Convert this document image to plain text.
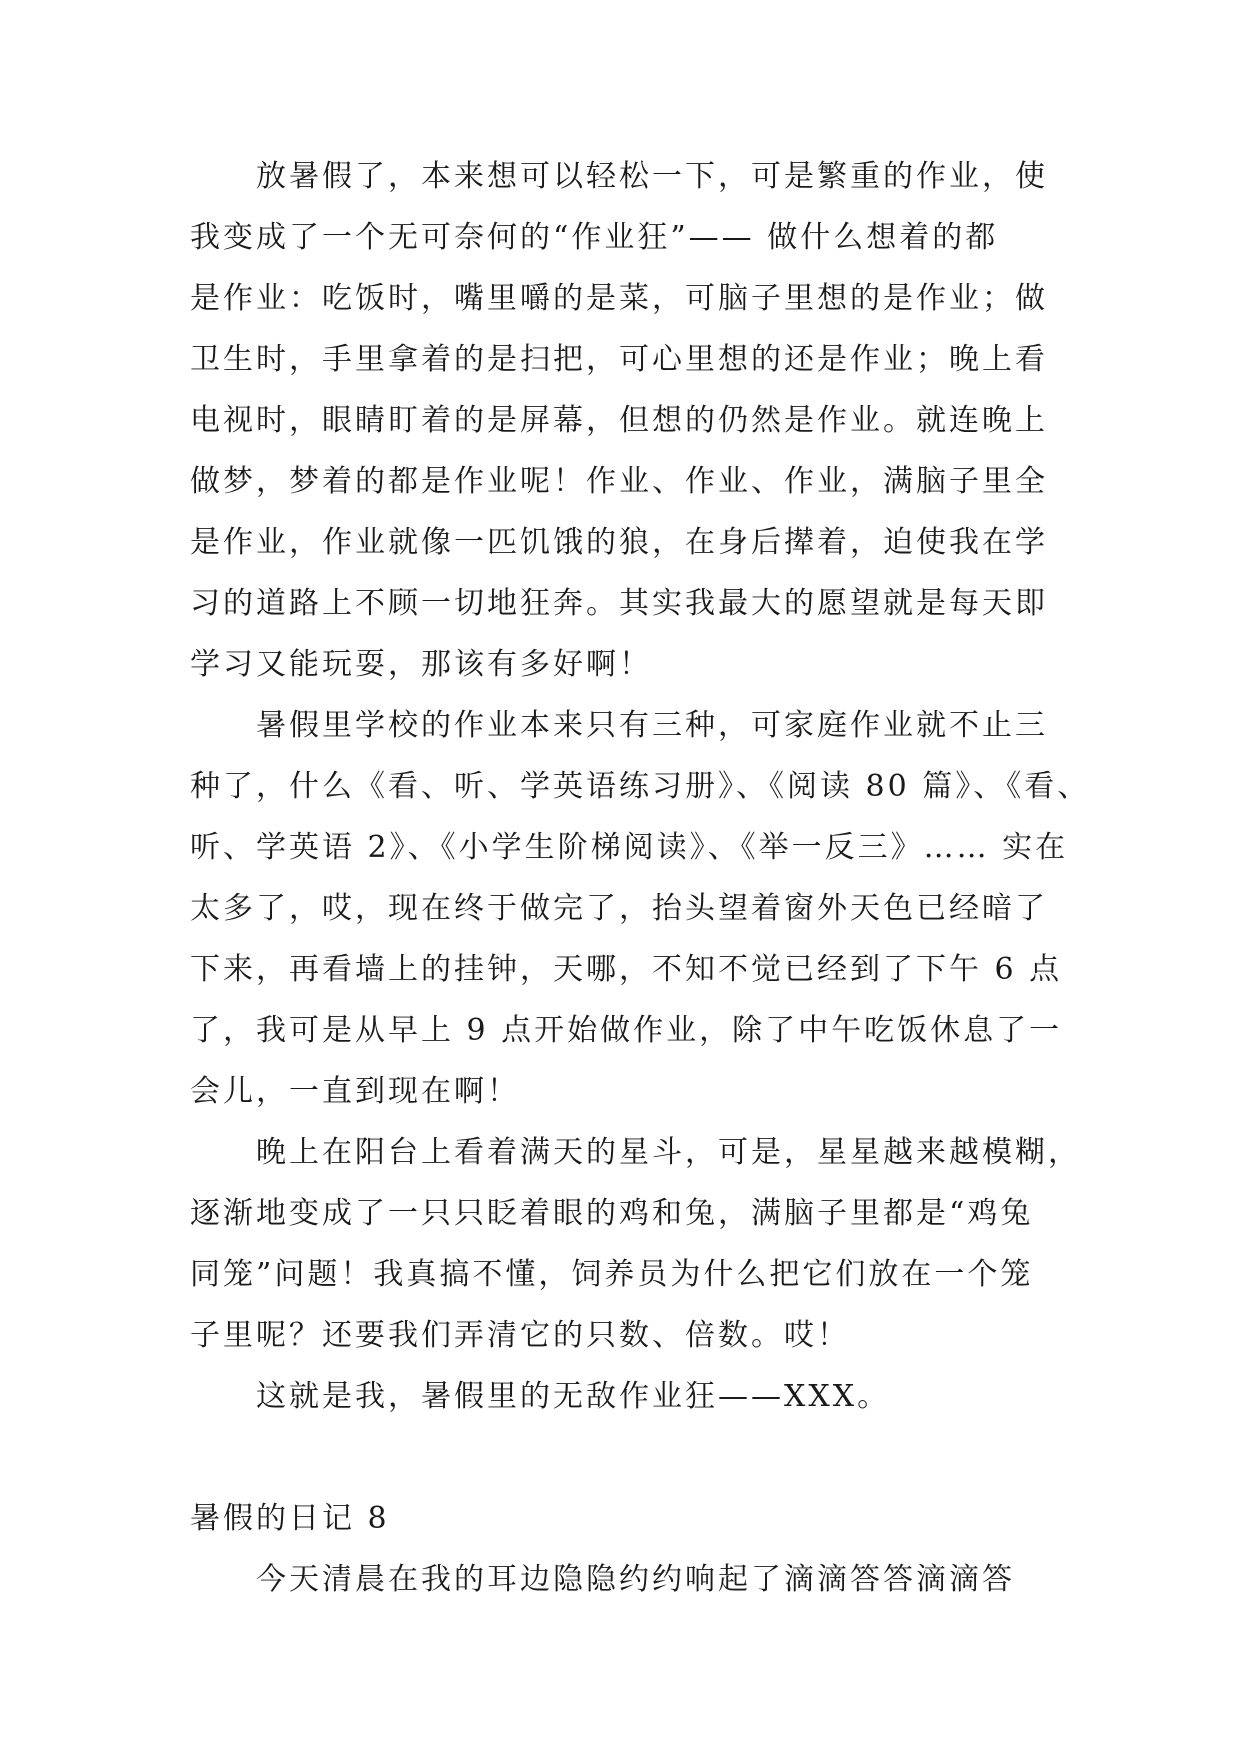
放暑假了，本来想可以轻松一下，可是繁重的作业，使
我变成了一个无可奈何的“作业狂”—— 做什么想着的都
是作业：吃饭时，嘴里嚼的是菜，可脑子里想的是作业；做
卫生时，手里拿着的是扫把，可心里想的还是作业；晚上看
电视时，眼睛盯着的是屏幕，但想的仍然是作业。就连晚上
做梦，梦着的都是作业呢！作业、作业、作业，满脑子里全
是作业，作业就像一匹饥饿的狼，在身后撵着，迫使我在学
习的道路上不顾一切地狂奔。其实我最大的愿望就是每天即
学习又能玩耍，那该有多好啊！
暑假里学校的作业本来只有三种，可家庭作业就不止三
种了，什么《看、听、学英语练习册》、《阅读 80 篇》、《看、
听、学英语 2》、《小学生阶梯阅读》、《举一反三》…… 实在
太多了，哎，现在终于做完了，抬头望着窗外天色已经暗了
下来，再看墙上的挂钟，天哪，不知不觉已经到了下午 6 点
了，我可是从早上 9 点开始做作业，除了中午吃饭休息了一
会儿，一直到现在啊！
晚上在阳台上看着满天的星斗，可是，星星越来越模糊，
逐渐地变成了一只只眨着眼的鸡和兔，满脑子里都是“鸡兔
同笼”问题！我真搞不懂，饲养员为什么把它们放在一个笼
子里呢？还要我们弄清它的只数、倍数。哎！
这就是我，暑假里的无敌作业狂——XXX。
暑假的日记 8
今天清晨在我的耳边隐隐约约响起了滴滴答答滴滴答
